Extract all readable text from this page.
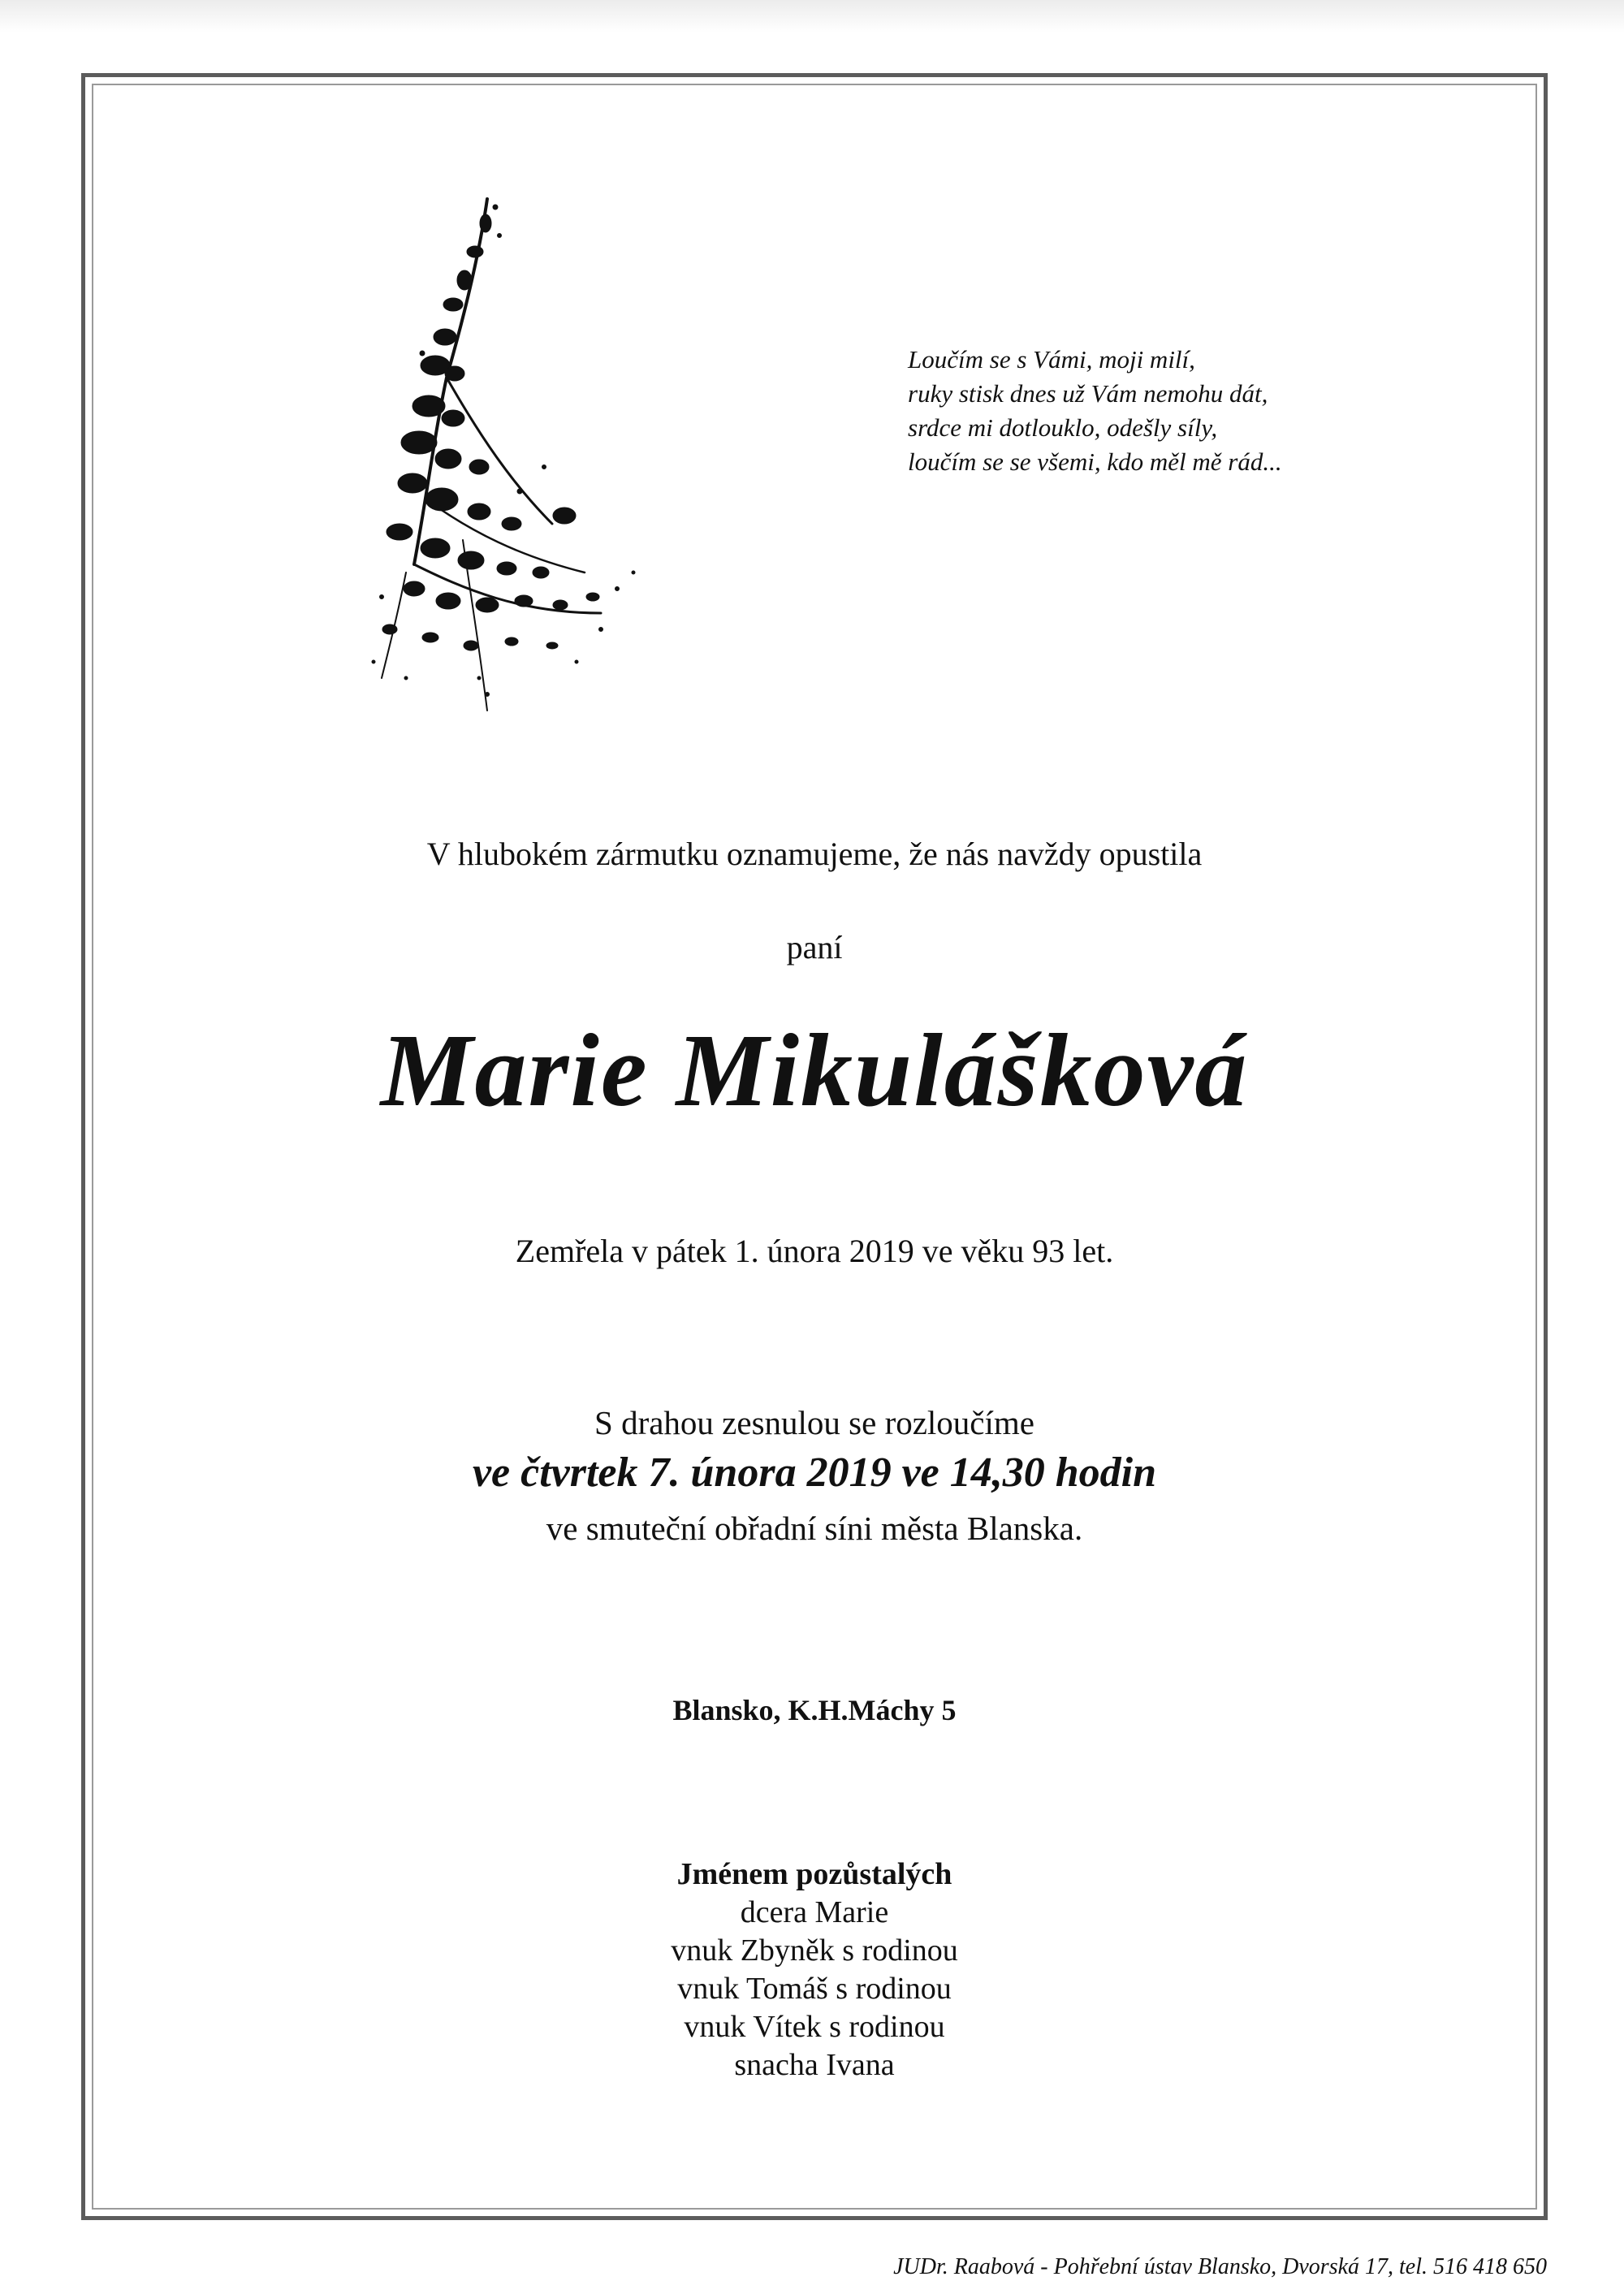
Loučím se s Vámi, moji milí,
ruky stisk dnes už Vám nemohu dát,
srdce mi dotlouklo, odešly síly,
loučím se se všemi, kdo měl mě rád...
V hlubokém zármutku oznamujeme, že nás navždy opustila
paní
Marie Mikulášková
Zemřela v pátek 1. února 2019 ve věku 93 let.
S drahou zesnulou se rozloučíme
ve čtvrtek 7. února 2019 ve 14,30 hodin
ve smuteční obřadní síni města Blanska.
Blansko, K.H.Máchy 5
Jménem pozůstalých
dcera Marie
vnuk Zbyněk s rodinou
vnuk Tomáš s rodinou
vnuk Vítek s rodinou
snacha Ivana
JUDr. Raabová - Pohřební ústav Blansko, Dvorská 17, tel. 516 418 650
